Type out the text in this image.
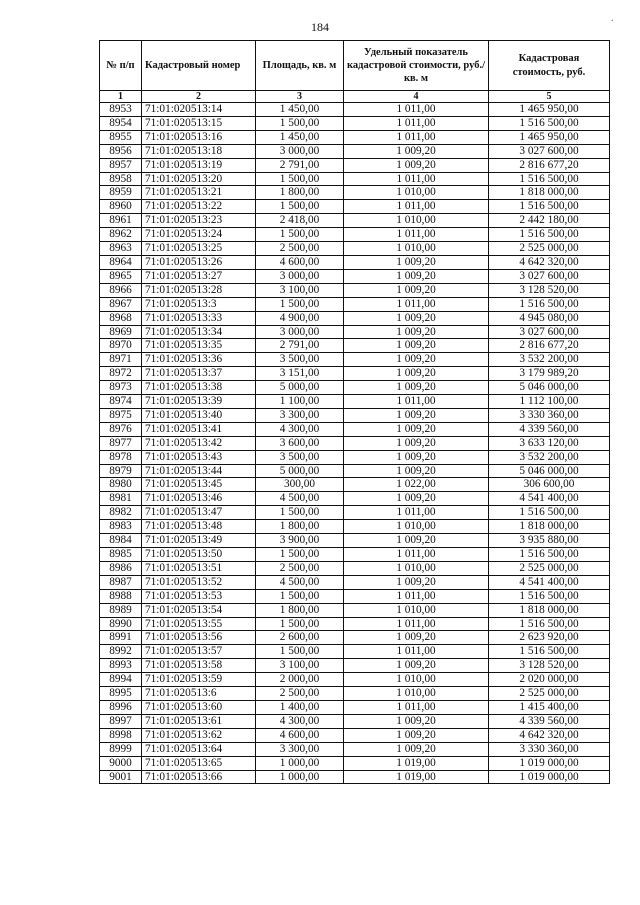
184	·
№ п/п	Кадастровый номер	Площадь, кв. м	Удельный показатель кадастровой стоимости, руб./кв. м	Кадастровая стоимость, руб.
1	2	3	4	5
8953	71:01:020513:14	1 450,00	1 011,00	1 465 950,00
8954	71:01:020513:15	1 500,00	1 011,00	1 516 500,00
8955	71:01:020513:16	1 450,00	1 011,00	1 465 950,00
8956	71:01:020513:18	3 000,00	1 009,20	3 027 600,00
8957	71:01:020513:19	2 791,00	1 009,20	2 816 677,20
8958	71:01:020513:20	1 500,00	1 011,00	1 516 500,00
8959	71:01:020513:21	1 800,00	1 010,00	1 818 000,00
8960	71:01:020513:22	1 500,00	1 011,00	1 516 500,00
8961	71:01:020513:23	2 418,00	1 010,00	2 442 180,00
8962	71:01:020513:24	1 500,00	1 011,00	1 516 500,00
8963	71:01:020513:25	2 500,00	1 010,00	2 525 000,00
8964	71:01:020513:26	4 600,00	1 009,20	4 642 320,00
8965	71:01:020513:27	3 000,00	1 009,20	3 027 600,00
8966	71:01:020513:28	3 100,00	1 009,20	3 128 520,00
8967	71:01:020513:3	1 500,00	1 011,00	1 516 500,00
8968	71:01:020513:33	4 900,00	1 009,20	4 945 080,00
8969	71:01:020513:34	3 000,00	1 009,20	3 027 600,00
8970	71:01:020513:35	2 791,00	1 009,20	2 816 677,20
8971	71:01:020513:36	3 500,00	1 009,20	3 532 200,00
8972	71:01:020513:37	3 151,00	1 009,20	3 179 989,20
8973	71:01:020513:38	5 000,00	1 009,20	5 046 000,00
8974	71:01:020513:39	1 100,00	1 011,00	1 112 100,00
8975	71:01:020513:40	3 300,00	1 009,20	3 330 360,00
8976	71:01:020513:41	4 300,00	1 009,20	4 339 560,00
8977	71:01:020513:42	3 600,00	1 009,20	3 633 120,00
8978	71:01:020513:43	3 500,00	1 009,20	3 532 200,00
8979	71:01:020513:44	5 000,00	1 009,20	5 046 000,00
8980	71:01:020513:45	300,00	1 022,00	306 600,00
8981	71:01:020513:46	4 500,00	1 009,20	4 541 400,00
8982	71:01:020513:47	1 500,00	1 011,00	1 516 500,00
8983	71:01:020513:48	1 800,00	1 010,00	1 818 000,00
8984	71:01:020513:49	3 900,00	1 009,20	3 935 880,00
8985	71:01:020513:50	1 500,00	1 011,00	1 516 500,00
8986	71:01:020513:51	2 500,00	1 010,00	2 525 000,00
8987	71:01:020513:52	4 500,00	1 009,20	4 541 400,00
8988	71:01:020513:53	1 500,00	1 011,00	1 516 500,00
8989	71:01:020513:54	1 800,00	1 010,00	1 818 000,00
8990	71:01:020513:55	1 500,00	1 011,00	1 516 500,00
8991	71:01:020513:56	2 600,00	1 009,20	2 623 920,00
8992	71:01:020513:57	1 500,00	1 011,00	1 516 500,00
8993	71:01:020513:58	3 100,00	1 009,20	3 128 520,00
8994	71:01:020513:59	2 000,00	1 010,00	2 020 000,00
8995	71:01:020513:6	2 500,00	1 010,00	2 525 000,00
8996	71:01:020513:60	1 400,00	1 011,00	1 415 400,00
8997	71:01:020513:61	4 300,00	1 009,20	4 339 560,00
8998	71:01:020513:62	4 600,00	1 009,20	4 642 320,00
8999	71:01:020513:64	3 300,00	1 009,20	3 330 360,00
9000	71:01:020513:65	1 000,00	1 019,00	1 019 000,00
9001	71:01:020513:66	1 000,00	1 019,00	1 019 000,00
